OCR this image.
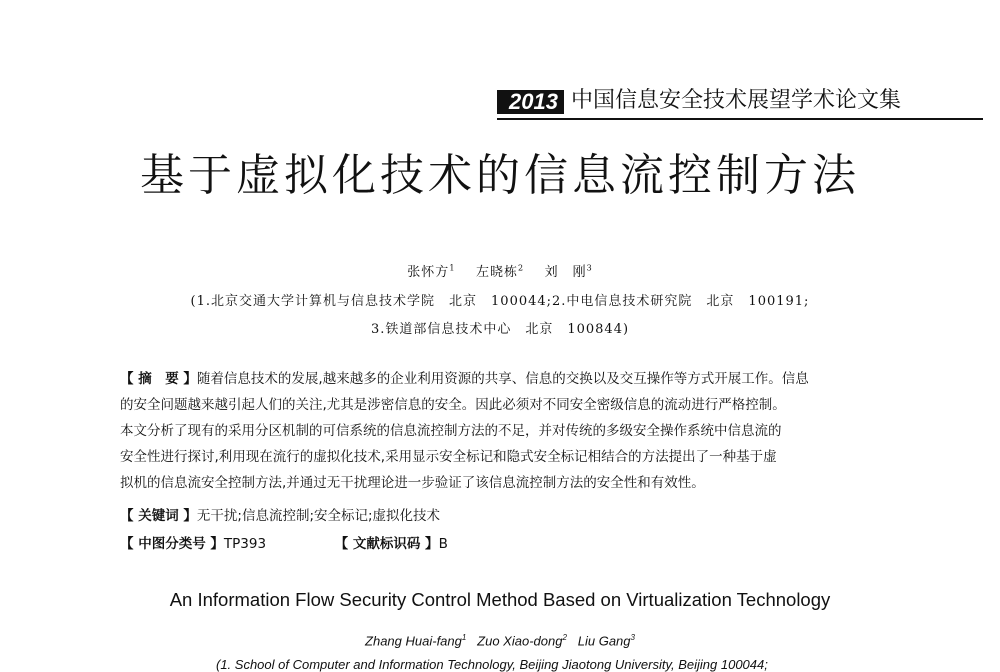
2013 中国信息安全技术展望学术论文集
基于虚拟化技术的信息流控制方法
张怀方$^1$ 左晓栋$^2$ 刘　刚$^3$
(1.北京交通大学计算机与信息技术学院　北京　100044;2.中电信息技术研究院　北京　100191;
3.铁道部信息技术中心　北京　100844)
【 摘　要 】随着信息技术的发展,越来越多的企业利用资源的共享、信息的交换以及交互操作等方式开展工作。信息
的安全问题越来越引起人们的关注,尤其是涉密信息的安全。因此必须对不同安全密级信息的流动进行严格控制。
本文分析了现有的采用分区机制的可信系统的信息流控制方法的不足，并对传统的多级安全操作系统中信息流的
安全性进行探讨,利用现在流行的虚拟化技术,采用显示安全标记和隐式安全标记相结合的方法提出了一种基于虚
拟机的信息流安全控制方法,并通过无干扰理论进一步验证了该信息流控制方法的安全性和有效性。
【 关键词 】无干扰;信息流控制;安全标记;虚拟化技术
【 中图分类号 】TP393	【 文献标识码 】B
An Information Flow Security Control Method Based on Virtualization Technology
Zhang Huai-fang$^1$ Zuo Xiao-dong$^2$ Liu Gang$^3$
(1. School of Computer and Information Technology, Beijing Jiaotong University, Beijing 100044;
